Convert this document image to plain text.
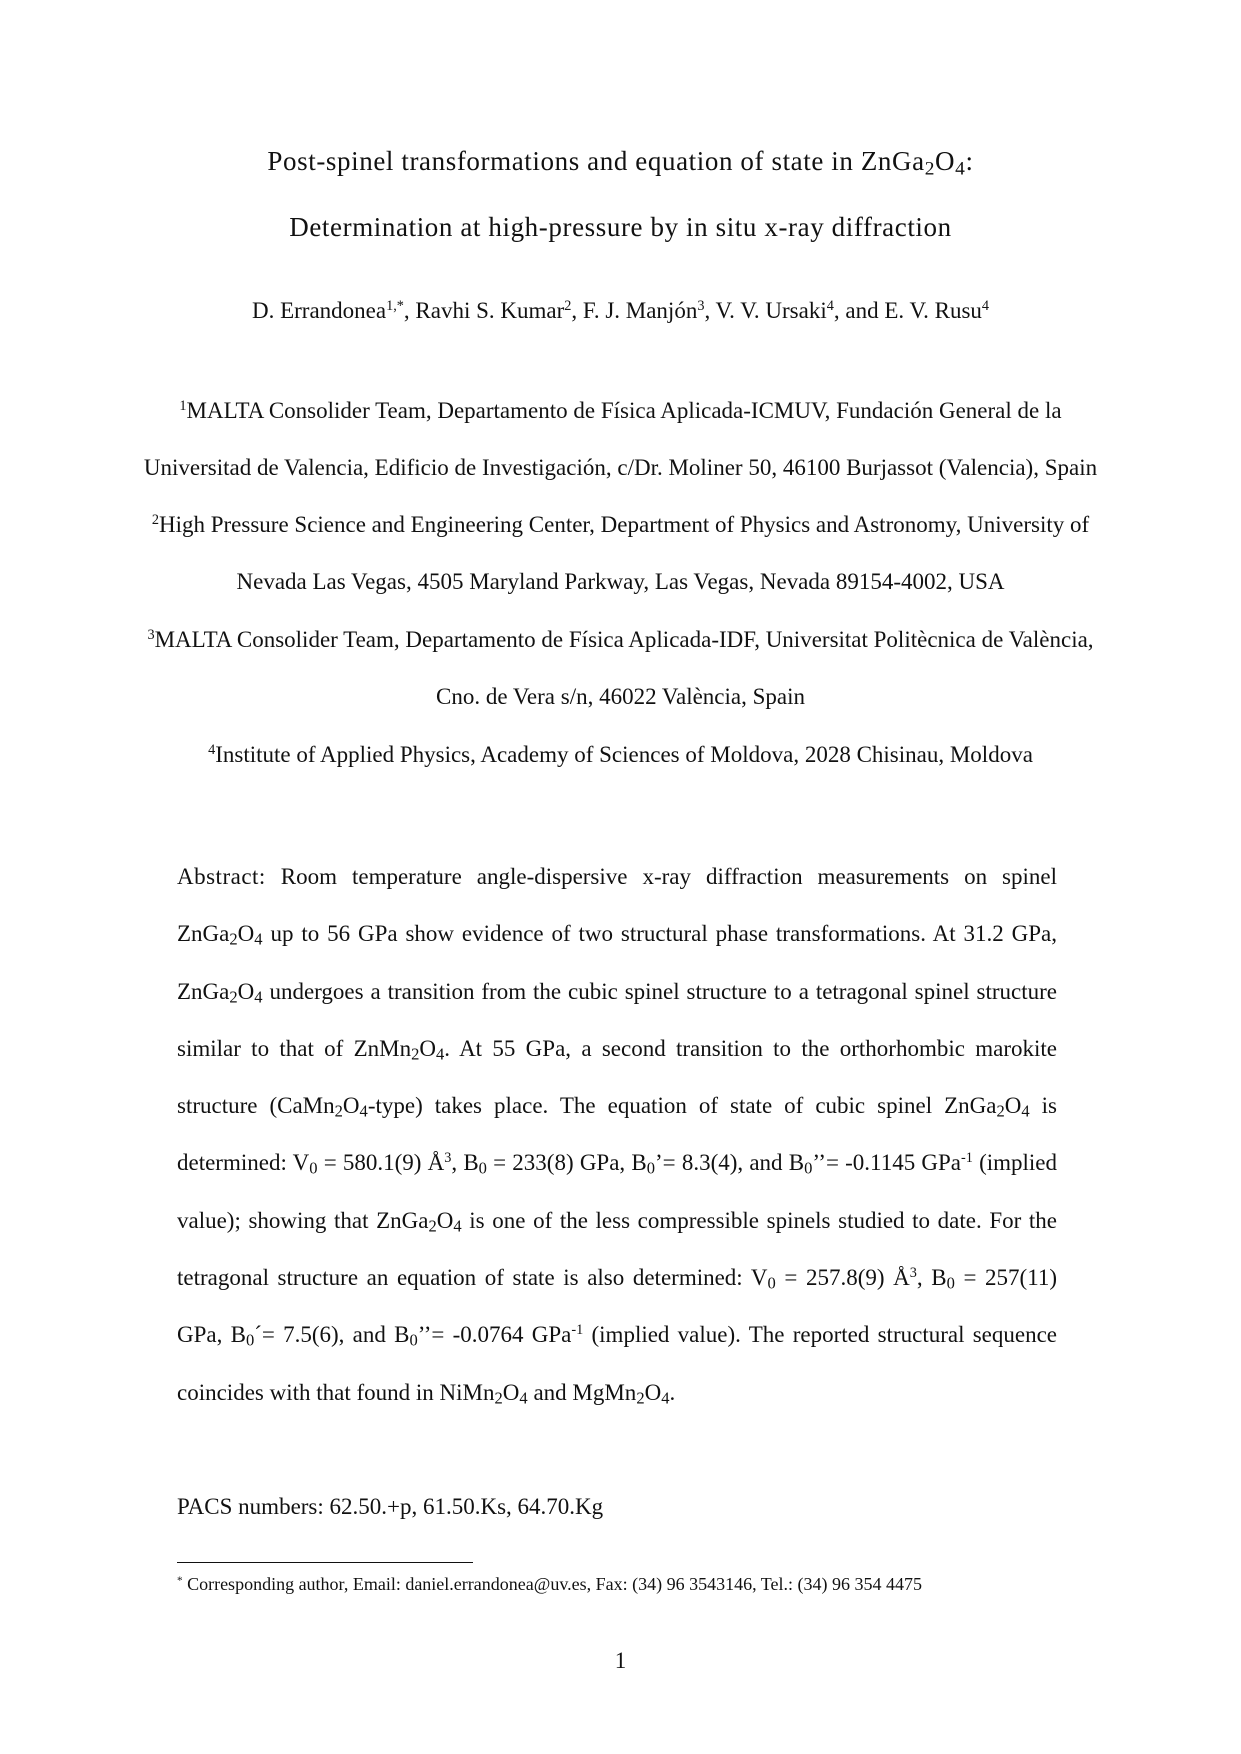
Post-spinel transformations and equation of state in $ZnGa_2O_4$:
Determination at high-pressure by in situ x-ray diffraction
D. Errandonea$^{1,*}$, Ravhi S. Kumar$^2$, F. J. Manjón$^3$, V. V. Ursaki$^4$, and E. V. Rusu$^4$
$^1$MALTA Consolider Team, Departamento de Física Aplicada-ICMUV, Fundación General de la
Universitad de Valencia, Edificio de Investigación, c/Dr. Moliner 50, 46100 Burjassot (Valencia), Spain
$^2$High Pressure Science and Engineering Center, Department of Physics and Astronomy, University of
Nevada Las Vegas, 4505 Maryland Parkway, Las Vegas, Nevada 89154-4002, USA
$^3$MALTA Consolider Team, Departamento de Física Aplicada-IDF, Universitat Politècnica de València,
Cno. de Vera s/n, 46022 València, Spain
$^4$Institute of Applied Physics, Academy of Sciences of Moldova, 2028 Chisinau, Moldova
Abstract: Room temperature angle-dispersive x-ray diffraction measurements on spinel $ZnGa_2O_4$ up to 56 GPa show evidence of two structural phase transformations. At 31.2 GPa, $ZnGa_2O_4$ undergoes a transition from the cubic spinel structure to a tetragonal spinel structure similar to that of $ZnMn_2O_4$. At 55 GPa, a second transition to the orthorhombic marokite structure $(CaMn_2O_4-type)$ takes place. The equation of state of cubic spinel $ZnGa_2O_4$ is determined: $V_0 = 580.1(9)$ $Å^3$, $B_0 = 233(8)$ GPa, $B_0’= 8.3(4)$, and $B_0’’= -0.1145$ GPa$^{-1}$ (implied value); showing that $ZnGa_2O_4$ is one of the less compressible spinels studied to date. For the tetragonal structure an equation of state is also determined: $V_0 = 257.8(9)$ $Å^3$, $B_0 = 257(11)$ GPa, $B_0´= 7.5(6)$, and $B_0’’= -0.0764$ GPa$^{-1}$ (implied value). The reported structural sequence coincides with that found in $NiMn_2O_4$ and $MgMn_2O_4$.
PACS numbers: 62.50.+p, 61.50.Ks, 64.70.Kg
* Corresponding author, Email: daniel.errandonea@uv.es, Fax: (34) 96 3543146, Tel.: (34) 96 354 4475
1
